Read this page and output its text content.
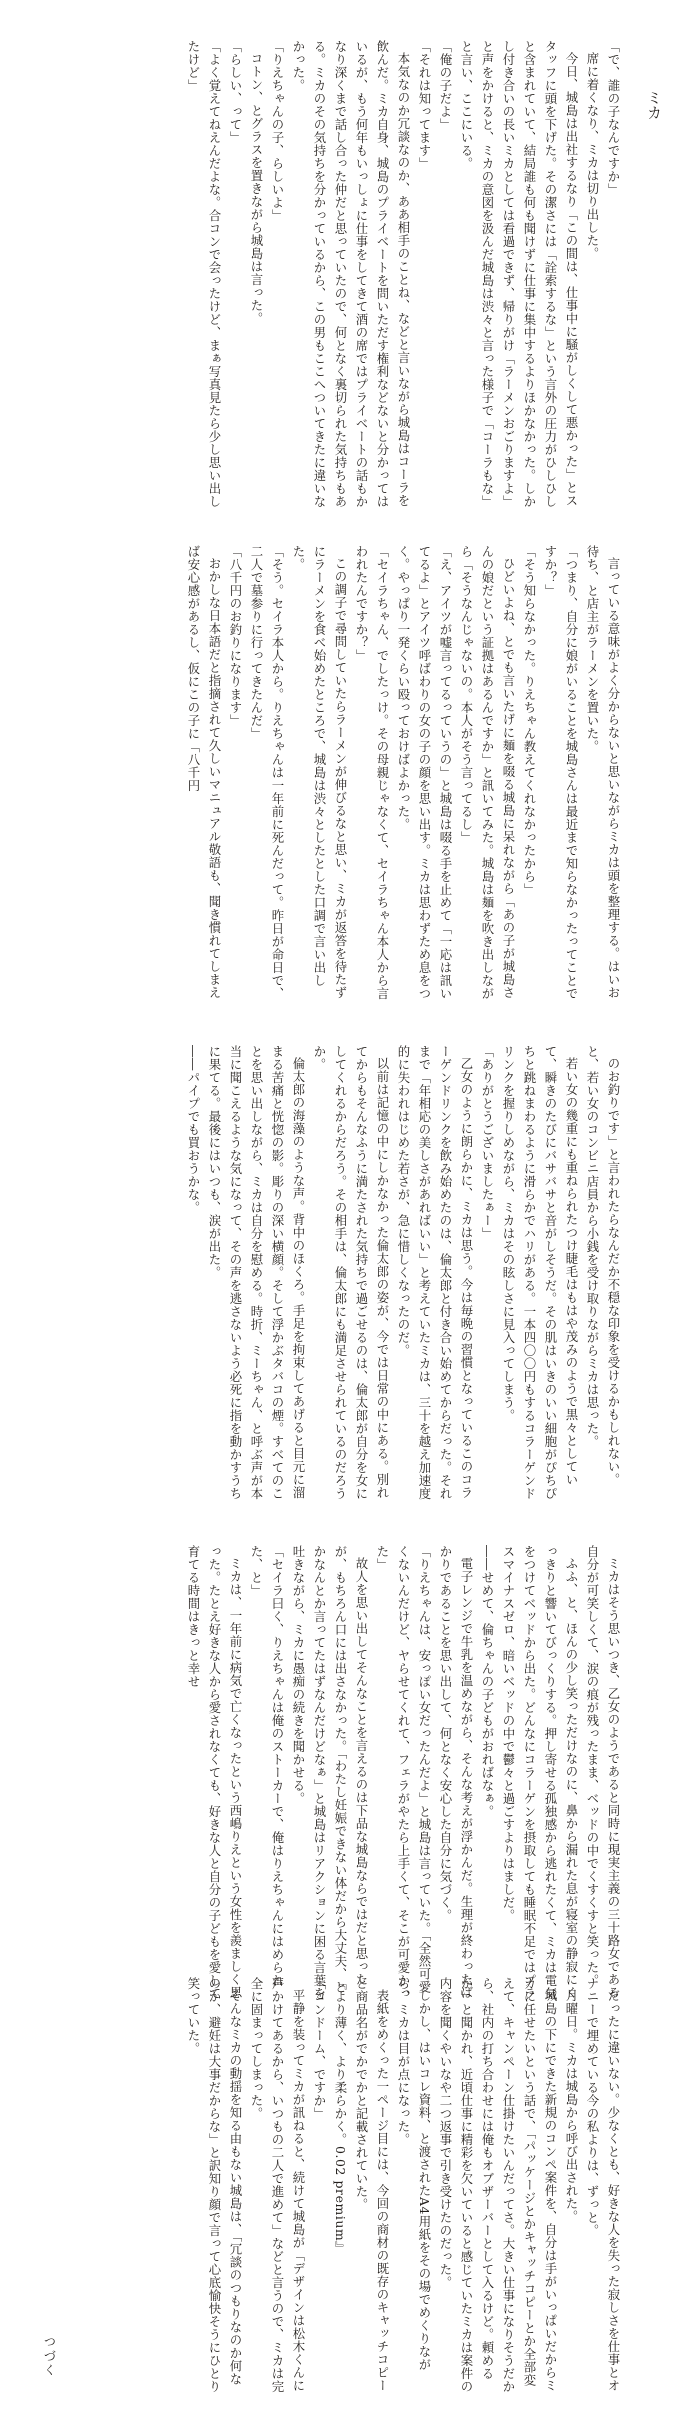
ミカ

「で、誰の子なんですか」

席に着くなり、ミカは切り出した。

今日、城島は出社するなり「この間は、仕事中に騒がしくして悪かった」とスタッフに頭を下げた。その潔さには「詮索するな」という言外の圧力がひしひしと含まれていて、結局誰も何も聞けずに仕事に集中するよりほかなかった。しかし付き合いの長いミカとしては看過できず、帰りがけ「ラーメンおごりますよ」と声をかけると、ミカの意図を汲んだ城島は渋々と言った様子で「コーラもな」と言い、ここにいる。

「俺の子だよ」

「それは知ってます」

本気なのか冗談なのか、ああ相手のことね、などと言いながら城島はコーラを飲んだ。ミカ自身、城島のプライベートを問いただす権利などないと分かってはいるが、もう何年もいっしょに仕事をしてきて酒の席ではプライベートの話もかなり深くまで話し合った仲だと思っていたので、何となく裏切られた気持ちもある。ミカのその気持ちを分かっているから、この男もここへついてきたに違いなかった。

「りえちゃんの子、らしいよ」

コトン、とグラスを置きながら城島は言った。

「らしい、って」

「よく覚えてねえんだよな。合コンで会ったけど、まぁ写真見たら少し思い出したけど」

言っている意味がよく分からないと思いながらミカは頭を整理する。はいお待ち、と店主がラーメンを置いた。

「つまり、自分に娘がいることを城島さんは最近まで知らなかったってことですか？」

「そう知らなかった。りえちゃん教えてくれなかったから」

ひどいよね、とでも言いたげに麺を啜る城島に呆れながら「あの子が城島さんの娘だという証拠はあるんですか」と訊いてみた。城島は麺を吹き出しながら「そうなんじゃないの。本人がそう言ってるし」

「え、アイツが嘘言ってるっていうの」と城島は啜る手を止めて「一応は訊いてるよ」とアイツ呼ばわりの女の子の顔を思い出す。ミカは思わずため息をつく。やっぱり一発くらい殴っておけばよかった。

「セイラちゃん、でしたっけ。その母親じゃなくて、セイラちゃん本人から言われたんですか？」

この調子で尋問していたらラーメンが伸びるなと思い、ミカが返答を待たずにラーメンを食べ始めたところで、城島は渋々としたとした口調で言い出した。

「そう。セイラ本人から。りえちゃんは一年前に死んだって。昨日が命日で、二人で墓参りに行ってきたんだ」

「八千円のお釣りになります」

おかしな日本語だと指摘されて久しいマニュアル敬語も、聞き慣れてしまえば安心感があるし、仮にこの子に「八千円

のお釣りです」と言われたらなんだか不穏な印象を受けるかもしれない。と、若い女のコンビニ店員から小銭を受け取りながらミカは思った。

若い女の幾重にも重ねられたつけ睫毛はもはや茂みのようで黒々としていて、瞬きのたびにバサバサと音がしそうだ。その肌はいきのいい細胞がぴちぴちと跳ねまわるように滑らかでハリがある。一本四〇〇円もするコラーゲンドリンクを握りしめながら、ミカはその眩しさに見入ってしまう。

「ありがとうございましたぁー」

乙女のように朗らかに、ミカは思う。今は毎晩の習慣となっているこのコラーゲンドリンクを飲み始めたのは、倫太郎と付き合い始めてからだった。それまで「年相応の美しさがあればいい」と考えていたミカは、三十を越え加速度的に失われはじめた若さが、急に惜しくなったのだ。

以前は記憶の中にしかなかった倫太郎の姿が、今では日常の中にある。別れてからもそんなふうに満たされた気持ちで過ごせるのは、倫太郎が自分を女にしてくれるからだろう。その相手は、倫太郎にも満足させられているのだろうか。

倫太郎の海藻のような声。背中のほくろ。手足を拘束してあげると目元に溜まる苦痛と恍惚の影。彫りの深い横顔。そして浮かぶタバコの煙。すべてのことを思い出しながら、ミカは自分を慰める。時折、ミーちゃん、と呼ぶ声が本当に聞こえるような気になって、その声を逃さないよう必死に指を動かすうちに果てる。最後にはいつも、涙が出た。

――パイプでも買おうかな。

ミカはそう思いつき、乙女のようであると同時に現実主義の三十路女である自分が可笑しくて、涙の痕が残ったまま、ベッドの中でくすくすと笑った。

ふふ、と、ほんの少し笑っただけなのに、鼻から漏れた息が寝室の静寂にくっきりと響いてびっくりする。押し寄せる孤独感から逃れたくて、ミカは電気をつけてベッドから出た。どんなにコラーゲンを摂取しても睡眠不足ではプラスマイナスゼロ、暗いベッドの中で鬱々と過ごすよりはましだ。

――せめて、倫ちゃんの子どもがおればなぁ。

電子レンジで牛乳を温めながら、そんな考えが浮かんだ。生理が終わったばかりであることを思い出して、何となく安心した自分に気づく。

「りえちゃんは、安っぽい女だったんだよ」と城島は言っていた。「全然可愛くないんだけど、ヤらせてくれて、フェラがやたら上手くて、そこが可愛かった」

故人を思い出してそんなことを言えるのは下品な城島ならではだと思ったが、もちろん口には出さなかった。「わたし妊娠できない体だから大丈夫、とかなんとか言ってたはずなんだけどなぁ」と城島はリアクションに困る言葉を吐きながら、ミカに愚痴の続きを聞かせる。

「セイラ曰く、りえちゃんは俺のストーカーで、俺はりえちゃんにはめられた、と」

ミカは、一年前に病気で亡くなったという西嶋りえという女性を羨ましく思った。たとえ好きな人から愛されなくても、好きな人と自分の子どもを愛して育てる時間はきっと幸せ

だったに違いない。少なくとも、好きな人を失った寂しさを仕事とオナニーで埋めている今の私よりは、ずっと。

月曜日。ミカは城島から呼び出された。

城島の下にできた新規のコンペ案件を、自分は手がいっぱいだからミカに任せたいという話で、「パッケージとかキャッチコピーとか全部変えて、キャンペーン仕掛けたいんだってさ。大きい仕事になりそうだから、社内の打ち合わせには俺もオブザーバーとして入るけど。頼めるか」と聞かれ、近頃仕事に精彩を欠いていると感じていたミカは案件の内容を聞くやいなや二つ返事で引き受けたのだった。

しかし、はいコレ資料、と渡されたA4用紙をその場でめくりながら、ミカは目が点になった。

表紙をめくった一ページ目には、今回の商材の既存のキャッチコピーと商品名がでかでかと記載されていた。

『より薄く、より柔らかく。0.02 premium』

「コンドーム、ですか」

平静を装ってミカが訊ねると、続けて城島が「デザインは松木くんに声かけてあるから、いつもの二人で進めて」などと言うので、ミカは完全に固まってしまった。

そんなミカの動揺を知る由もない城島は、「冗談のつもりなのか何なのか、避妊は大事だからな」と訳知り顔で言って心底愉快そうにひとり笑っていた。

つづく
